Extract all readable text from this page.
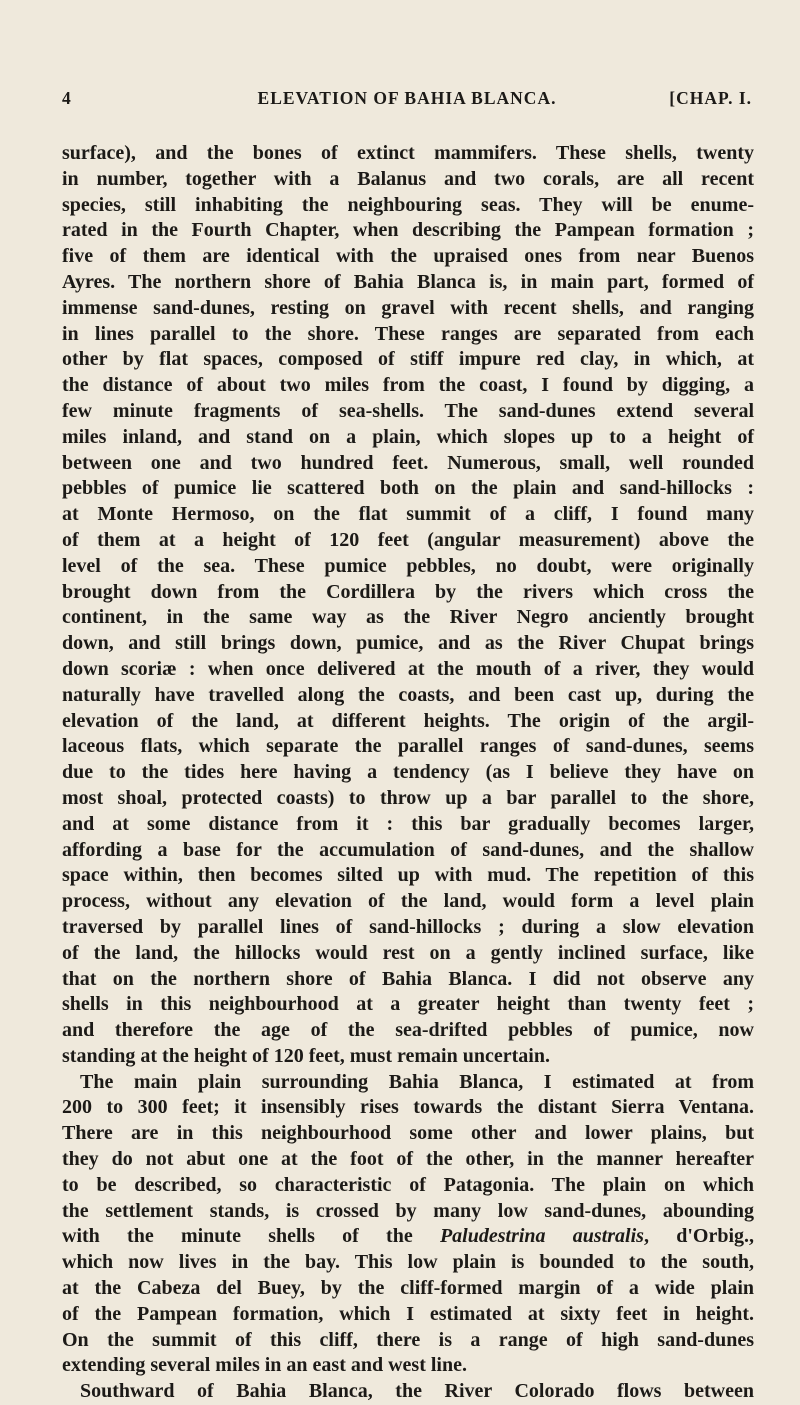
4	ELEVATION OF BAHIA BLANCA.	[CHAP. I.
surface), and the bones of extinct mammifers. These shells, twenty
in number, together with a Balanus and two corals, are all recent
species, still inhabiting the neighbouring seas. They will be enume-
rated in the Fourth Chapter, when describing the Pampean formation ;
five of them are identical with the upraised ones from near Buenos
Ayres. The northern shore of Bahia Blanca is, in main part, formed of
immense sand-dunes, resting on gravel with recent shells, and ranging
in lines parallel to the shore. These ranges are separated from each
other by flat spaces, composed of stiff impure red clay, in which, at
the distance of about two miles from the coast, I found by digging, a
few minute fragments of sea-shells. The sand-dunes extend several
miles inland, and stand on a plain, which slopes up to a height of
between one and two hundred feet. Numerous, small, well rounded
pebbles of pumice lie scattered both on the plain and sand-hillocks :
at Monte Hermoso, on the flat summit of a cliff, I found many
of them at a height of 120 feet (angular measurement) above the
level of the sea. These pumice pebbles, no doubt, were originally
brought down from the Cordillera by the rivers which cross the
continent, in the same way as the River Negro anciently brought
down, and still brings down, pumice, and as the River Chupat brings
down scoriæ : when once delivered at the mouth of a river, they would
naturally have travelled along the coasts, and been cast up, during the
elevation of the land, at different heights. The origin of the argil-
laceous flats, which separate the parallel ranges of sand-dunes, seems
due to the tides here having a tendency (as I believe they have on
most shoal, protected coasts) to throw up a bar parallel to the shore,
and at some distance from it : this bar gradually becomes larger,
affording a base for the accumulation of sand-dunes, and the shallow
space within, then becomes silted up with mud. The repetition of this
process, without any elevation of the land, would form a level plain
traversed by parallel lines of sand-hillocks ; during a slow elevation
of the land, the hillocks would rest on a gently inclined surface, like
that on the northern shore of Bahia Blanca. I did not observe any
shells in this neighbourhood at a greater height than twenty feet ;
and therefore the age of the sea-drifted pebbles of pumice, now
standing at the height of 120 feet, must remain uncertain.
The main plain surrounding Bahia Blanca, I estimated at from
200 to 300 feet; it insensibly rises towards the distant Sierra Ventana.
There are in this neighbourhood some other and lower plains, but
they do not abut one at the foot of the other, in the manner hereafter
to be described, so characteristic of Patagonia. The plain on which
the settlement stands, is crossed by many low sand-dunes, abounding
with the minute shells of the Paludestrina australis, d'Orbig.,
which now lives in the bay. This low plain is bounded to the south,
at the Cabeza del Buey, by the cliff-formed margin of a wide plain
of the Pampean formation, which I estimated at sixty feet in height.
On the summit of this cliff, there is a range of high sand-dunes
extending several miles in an east and west line.
Southward of Bahia Blanca, the River Colorado flows between
